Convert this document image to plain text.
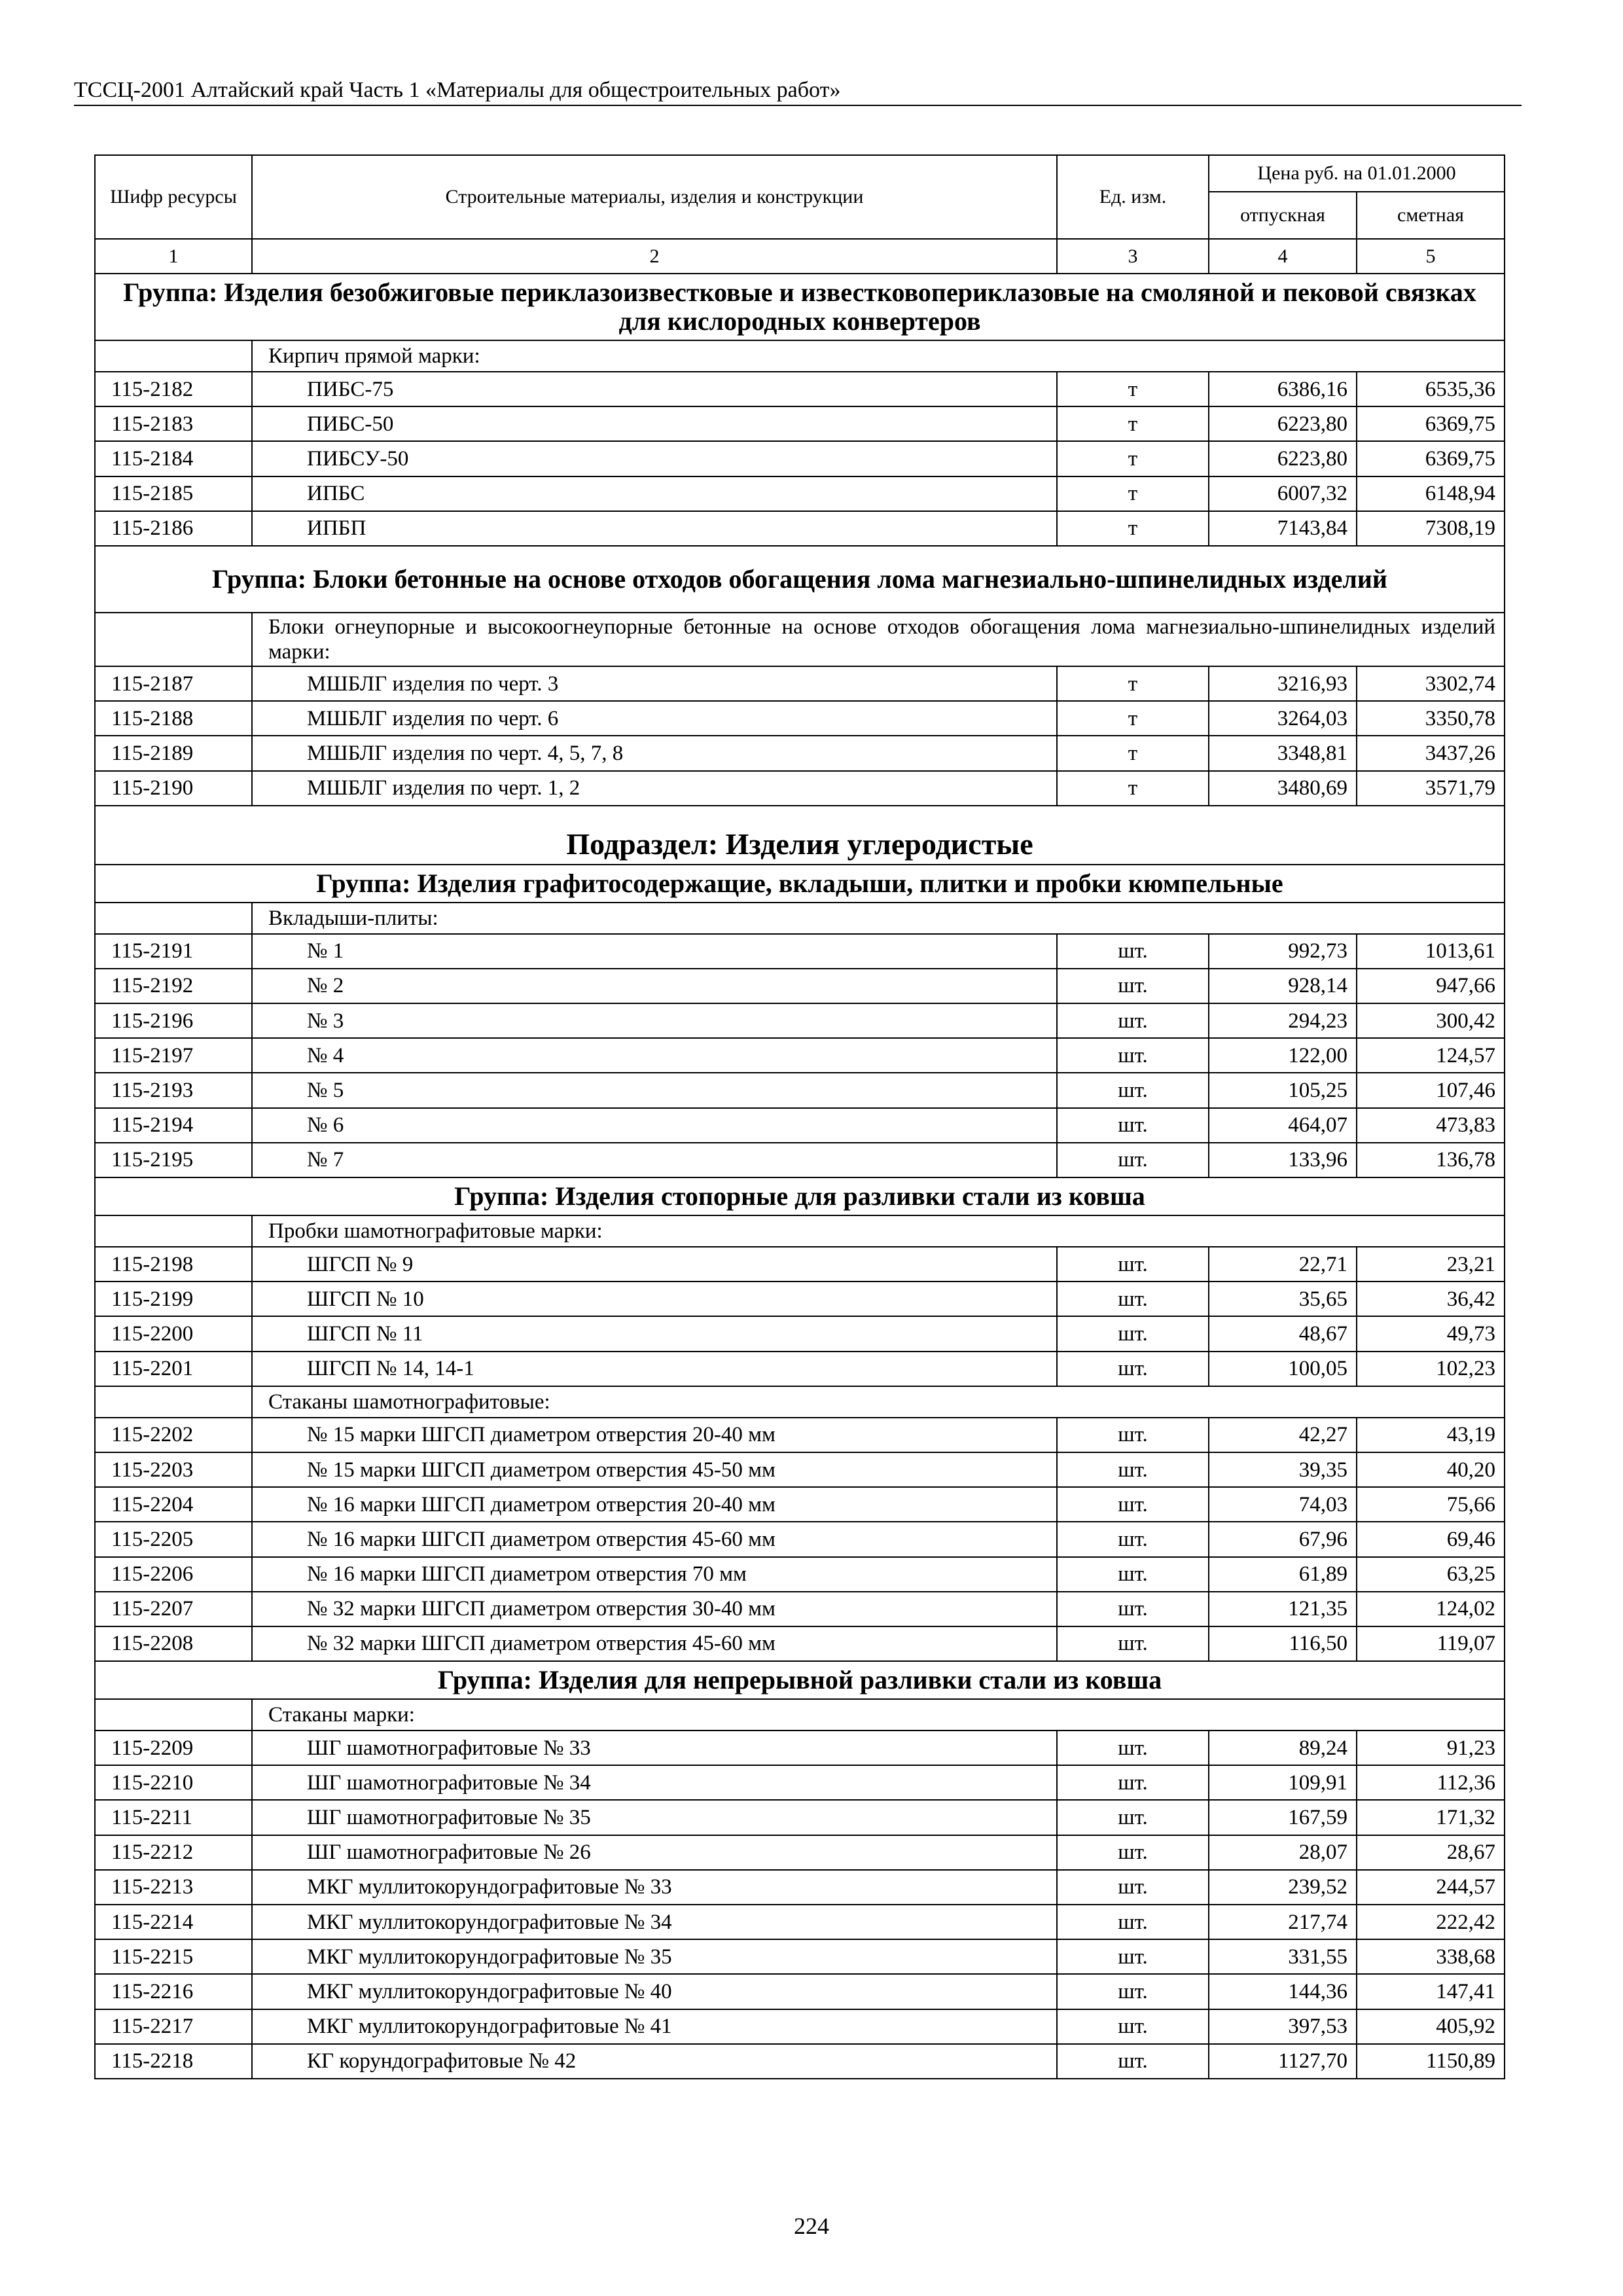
ТССЦ-2001 Алтайский край Часть 1 «Материалы для общестроительных работ»
Шифр ресурсы	Строительные материалы, изделия и конструкции	Ед. изм.	Цена руб. на 01.01.2000	
			отпускная	сметная
1	2	3	4	5
Группа: Изделия безобжиговые периклазоизвестковые и известковопериклазовые на смоляной и пековой связках для кислородных конвертеров				
	Кирпич прямой марки:			
115-2182	ПИБС-75	т	6386,16	6535,36
115-2183	ПИБС-50	т	6223,80	6369,75
115-2184	ПИБСУ-50	т	6223,80	6369,75
115-2185	ИПБС	т	6007,32	6148,94
115-2186	ИПБП	т	7143,84	7308,19
Группа: Блоки бетонные на основе отходов обогащения лома магнезиально-шпинелидных изделий				
	Блоки огнеупорные и высокоогнеупорные бетонные на основе отходов обогащения лома магнезиально-шпинелидных изделий марки:			
115-2187	МШБЛГ изделия по черт. 3	т	3216,93	3302,74
115-2188	МШБЛГ изделия по черт. 6	т	3264,03	3350,78
115-2189	МШБЛГ изделия по черт. 4, 5, 7, 8	т	3348,81	3437,26
115-2190	МШБЛГ изделия по черт. 1, 2	т	3480,69	3571,79
Подраздел: Изделия углеродистые				
Группа: Изделия графитосодержащие, вкладыши, плитки и пробки кюмпельные				
	Вкладыши-плиты:			
115-2191	№ 1	шт.	992,73	1013,61
115-2192	№ 2	шт.	928,14	947,66
115-2196	№ 3	шт.	294,23	300,42
115-2197	№ 4	шт.	122,00	124,57
115-2193	№ 5	шт.	105,25	107,46
115-2194	№ 6	шт.	464,07	473,83
115-2195	№ 7	шт.	133,96	136,78
Группа: Изделия стопорные для разливки стали из ковша				
	Пробки шамотнографитовые марки:			
115-2198	ШГСП № 9	шт.	22,71	23,21
115-2199	ШГСП № 10	шт.	35,65	36,42
115-2200	ШГСП № 11	шт.	48,67	49,73
115-2201	ШГСП № 14, 14-1	шт.	100,05	102,23
	Стаканы шамотнографитовые:			
115-2202	№ 15 марки ШГСП диаметром отверстия 20-40 мм	шт.	42,27	43,19
115-2203	№ 15 марки ШГСП диаметром отверстия 45-50 мм	шт.	39,35	40,20
115-2204	№ 16 марки ШГСП диаметром отверстия 20-40 мм	шт.	74,03	75,66
115-2205	№ 16 марки ШГСП диаметром отверстия 45-60 мм	шт.	67,96	69,46
115-2206	№ 16 марки ШГСП диаметром отверстия 70 мм	шт.	61,89	63,25
115-2207	№ 32 марки ШГСП диаметром отверстия 30-40 мм	шт.	121,35	124,02
115-2208	№ 32 марки ШГСП диаметром отверстия 45-60 мм	шт.	116,50	119,07
Группа: Изделия для непрерывной разливки стали из ковша				
	Стаканы марки:			
115-2209	ШГ шамотнографитовые № 33	шт.	89,24	91,23
115-2210	ШГ шамотнографитовые № 34	шт.	109,91	112,36
115-2211	ШГ шамотнографитовые № 35	шт.	167,59	171,32
115-2212	ШГ шамотнографитовые № 26	шт.	28,07	28,67
115-2213	МКГ муллитокорундографитовые № 33	шт.	239,52	244,57
115-2214	МКГ муллитокорундографитовые № 34	шт.	217,74	222,42
115-2215	МКГ муллитокорундографитовые № 35	шт.	331,55	338,68
115-2216	МКГ муллитокорундографитовые № 40	шт.	144,36	147,41
115-2217	МКГ муллитокорундографитовые № 41	шт.	397,53	405,92
115-2218	КГ корундографитовые № 42	шт.	1127,70	1150,89
224
